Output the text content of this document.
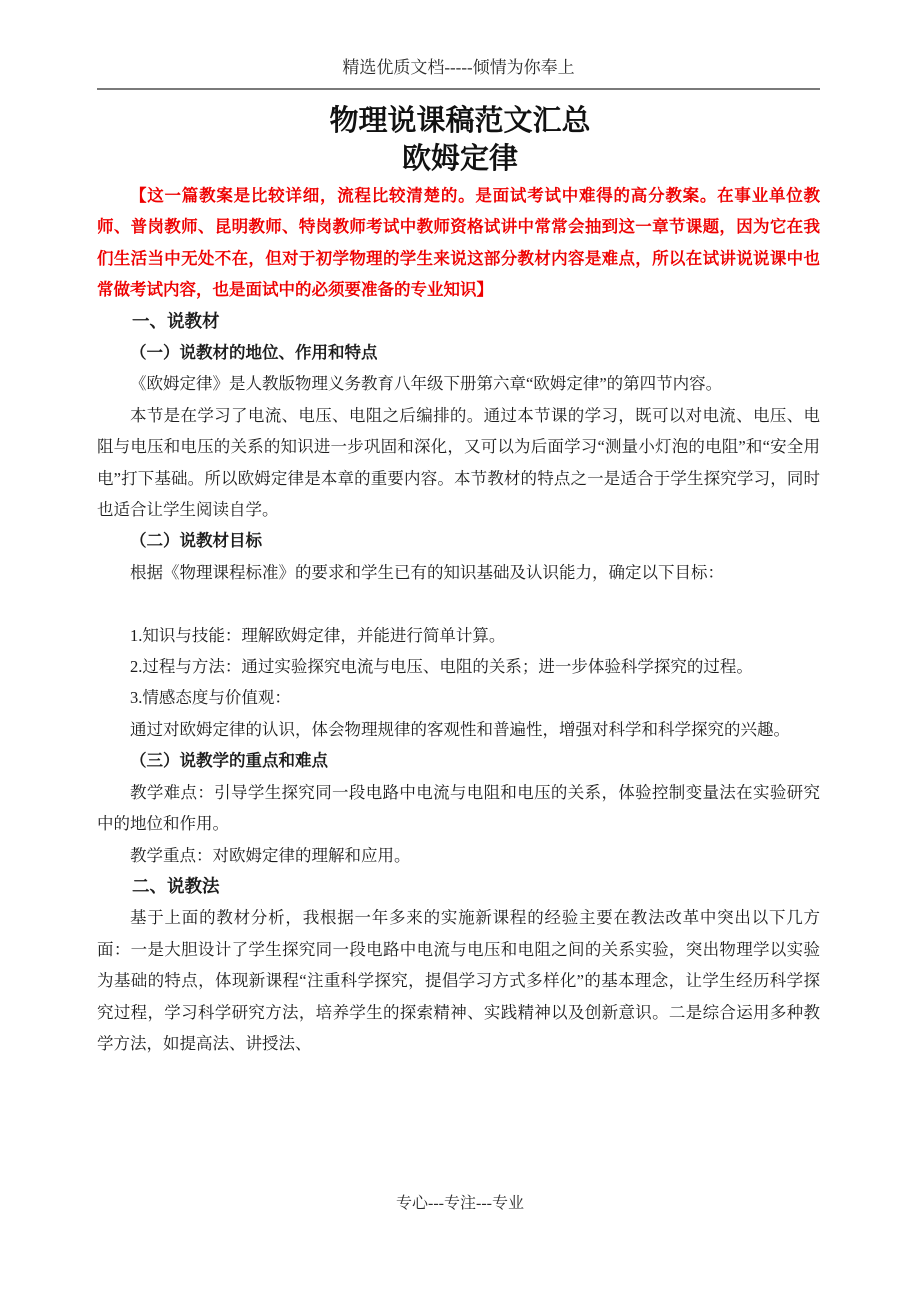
精选优质文档-----倾情为你奉上
物理说课稿范文汇总
欧姆定律
【这一篇教案是比较详细，流程比较清楚的。是面试考试中难得的高分教案。在事业单位教师、普岗教师、昆明教师、特岗教师考试中教师资格试讲中常常会抽到这一章节课题，因为它在我们生活当中无处不在，但对于初学物理的学生来说这部分教材内容是难点，所以在试讲说说课中也常做考试内容，也是面试中的必须要准备的专业知识】
一、说教材
（一）说教材的地位、作用和特点
《欧姆定律》是人教版物理义务教育八年级下册第六章“欧姆定律”的第四节内容。
本节是在学习了电流、电压、电阻之后编排的。通过本节课的学习，既可以对电流、电压、电阻与电压和电压的关系的知识进一步巩固和深化，又可以为后面学习“测量小灯泡的电阻”和“安全用电”打下基础。所以欧姆定律是本章的重要内容。本节教材的特点之一是适合于学生探究学习，同时也适合让学生阅读自学。
（二）说教材目标
根据《物理课程标准》的要求和学生已有的知识基础及认识能力，确定以下目标：
1.知识与技能：理解欧姆定律，并能进行简单计算。
2.过程与方法：通过实验探究电流与电压、电阻的关系；进一步体验科学探究的过程。
3.情感态度与价值观：
通过对欧姆定律的认识，体会物理规律的客观性和普遍性，增强对科学和科学探究的兴趣。
（三）说教学的重点和难点
教学难点：引导学生探究同一段电路中电流与电阻和电压的关系，体验控制变量法在实验研究中的地位和作用。
教学重点：对欧姆定律的理解和应用。
二、说教法
基于上面的教材分析，我根据一年多来的实施新课程的经验主要在教法改革中突出以下几方面：一是大胆设计了学生探究同一段电路中电流与电压和电阻之间的关系实验，突出物理学以实验为基础的特点，体现新课程“注重科学探究，提倡学习方式多样化”的基本理念，让学生经历科学探究过程，学习科学研究方法，培养学生的探索精神、实践精神以及创新意识。二是综合运用多种教学方法，如提高法、讲授法、
专心---专注---专业
